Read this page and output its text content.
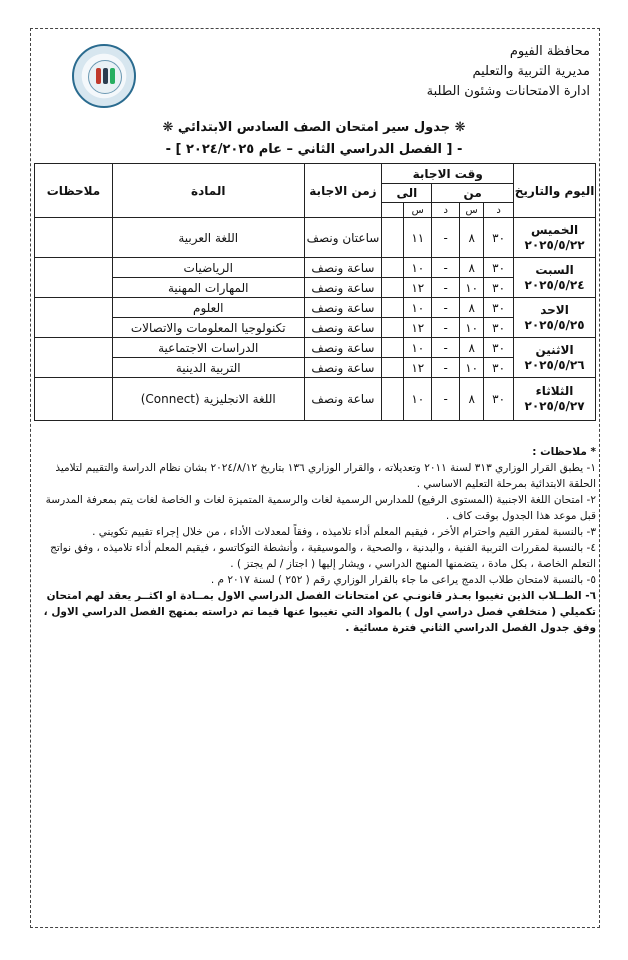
محافظة الفيوم
مديرية التربية والتعليم
ادارة الامتحانات وشئون الطلبة
❋ جدول سير امتحان الصف السادس الابتدائي ❋
- [ الفصل الدراسي الثاني – عام ٢٠٢٤/٢٠٢٥ ] -
اليوم والتاريخ	وقت الاجابة					زمن الاجابة	المادة	ملاحظات
	من			الى				
	د	س	د	س				

الخميس
٢٠٢٥/٥/٢٢	٣٠	٨	-	١١		ساعتان ونصف	اللغة العربية	

السبت
٢٠٢٥/٥/٢٤	٣٠	٨	-	١٠		ساعة ونصف	الرياضيات	
	٣٠	١٠	-	١٢		ساعة ونصف	المهارات المهنية	

الاحد
٢٠٢٥/٥/٢٥	٣٠	٨	-	١٠		ساعة ونصف	العلوم	
	٣٠	١٠	-	١٢		ساعة ونصف	تكنولوجيا المعلومات والاتصالات	

الاثنين
٢٠٢٥/٥/٢٦	٣٠	٨	-	١٠		ساعة ونصف	الدراسات الاجتماعية	
	٣٠	١٠	-	١٢		ساعة ونصف	التربية الدينية	

الثلاثاء
٢٠٢٥/٥/٢٧	٣٠	٨	-	١٠		ساعة ونصف	اللغة الانجليزية (Connect)	

* ملاحظات :

١- يطبق القرار الوزاري ٣١٣ لسنة ٢٠١١ وتعديلاته ، والقرار الوزاري ١٣٦ بتاريخ ٢٠٢٤/٨/١٢ بشان نظام الدراسة والتقييم لتلاميذ الحلقة الابتدائية بمرحلة التعليم الاساسي .

٢- امتحان اللغة الاجنبية (المستوى الرفيع) للمدارس الرسمية لغات والرسمية المتميزة لغات و الخاصة لغات يتم بمعرفة المدرسة قبل موعد هذا الجدول بوقت كاف .

٣- بالنسبة لمقرر القيم واحترام الأخر ، فيقيم المعلم أداء تلاميذه ، وفقاً لمعدلات الأداء ، من خلال إجراء تقييم تكويني .

٤- بالنسبة لمقررات التربية الفنية ، والبدنية ، والصحية ، والموسيقية ، وأنشطة التوكاتسو ، فيقيم المعلم أداء تلاميذه ، وفق نواتج التعلم الخاصة ، بكل مادة ، يتضمنها المنهج الدراسي ، ويشار إليها ( اجتاز / لم يجتز ) .

٥- بالنسبة لامتحان طلاب الدمج يراعى ما جاء بالقرار الوزاري رقم ( ٢٥٢ ) لسنة ٢٠١٧ م .

٦- الطــلاب الذين تغيبوا بعـذر قانونـي عن امتحانات الفصل الدراسي الاول بمــادة او اكثــر يعقد لهم امتحان تكميلي ( متخلفي فصل دراسي اول ) بالمواد التي تغيبوا عنها فيما تم دراسته بمنهج الفصل الدراسي الاول ، وفق جدول الفصل الدراسي الثاني فترة مسائية .
